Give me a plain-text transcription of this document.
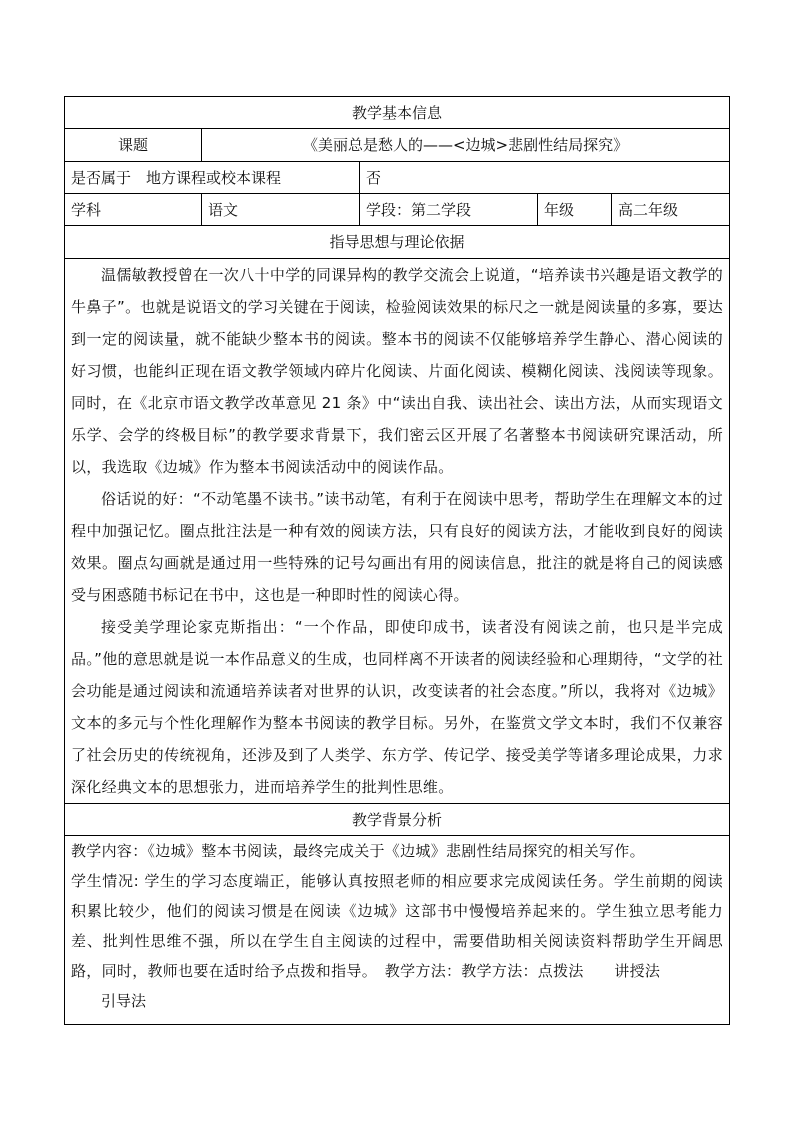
教学基本信息				
课题	《美丽总是愁人的——<边城>悲剧性结局探究》			
是否属于　地方课程或校本课程		否		
学科	语文	学段：第二学段	年级	高二年级
指导思想与理论依据				

温儒敏教授曾在一次八十中学的同课异构的教学交流会上说道，“培养读书兴趣是语文教学的牛鼻子”。也就是说语文的学习关键在于阅读，检验阅读效果的标尺之一就是阅读量的多寡，要达到一定的阅读量，就不能缺少整本书的阅读。整本书的阅读不仅能够培养学生静心、潜心阅读的好习惯，也能纠正现在语文教学领域内碎片化阅读、片面化阅读、模糊化阅读、浅阅读等现象。同时，在《北京市语文教学改革意见 21 条》中“读出自我、读出社会、读出方法，从而实现语文乐学、会学的终极目标”的教学要求背景下，我们密云区开展了名著整本书阅读研究课活动，所以，我选取《边城》作为整本书阅读活动中的阅读作品。

俗话说的好：“不动笔墨不读书。”读书动笔，有利于在阅读中思考，帮助学生在理解文本的过程中加强记忆。圈点批注法是一种有效的阅读方法，只有良好的阅读方法，才能收到良好的阅读效果。圈点勾画就是通过用一些特殊的记号勾画出有用的阅读信息，批注的就是将自己的阅读感受与困惑随书标记在书中，这也是一种即时性的阅读心得。

接受美学理论家克斯指出：“一个作品，即使印成书，读者没有阅读之前，也只是半完成品。”他的意思就是说一本作品意义的生成，也同样离不开读者的阅读经验和心理期待，“文学的社会功能是通过阅读和流通培养读者对世界的认识，改变读者的社会态度。”所以，我将对《边城》文本的多元与个性化理解作为整本书阅读的教学目标。另外，在鉴赏文学文本时，我们不仅兼容了社会历史的传统视角，还涉及到了人类学、东方学、传记学、接受美学等诸多理论成果，力求深化经典文本的思想张力，进而培养学生的批判性思维。				

教学背景分析				

教学内容：《边城》整本书阅读，最终完成关于《边城》悲剧性结局探究的相关写作。

学生情况: 学生的学习态度端正，能够认真按照老师的相应要求完成阅读任务。学生前期的阅读积累比较少，他们的阅读习惯是在阅读《边城》这部书中慢慢培养起来的。学生独立思考能力差、批判性思维不强，所以在学生自主阅读的过程中，需要借助相关阅读资料帮助学生开阔思路，同时，教师也要在适时给予点拨和指导。　教学方法：教学方法：点拨法　　讲授法

引导法				
